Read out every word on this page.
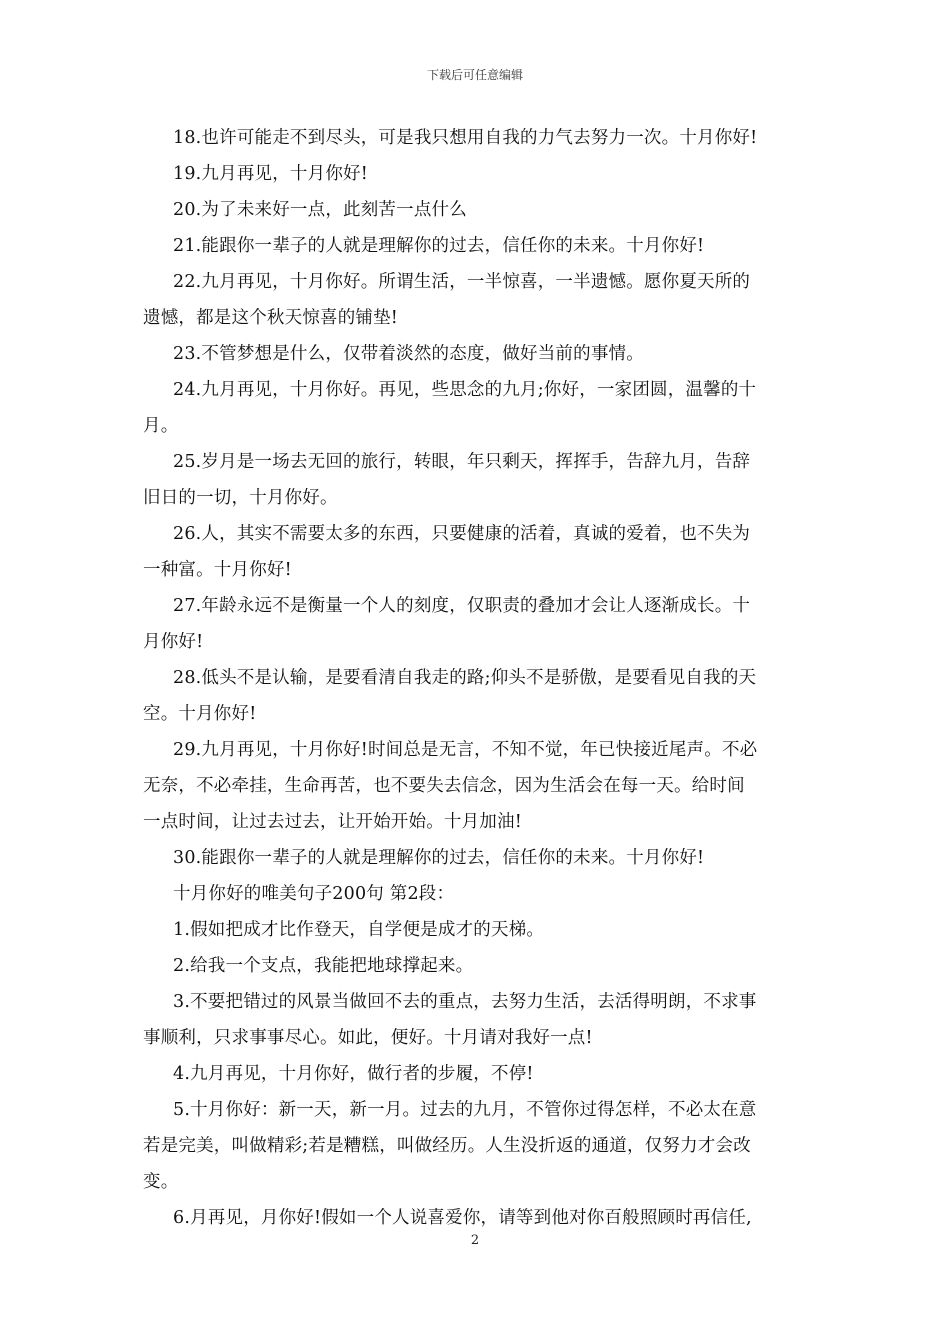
下载后可任意编辑
18.也许可能走不到尽头，可是我只想用自我的力气去努力一次。十月你好!
19.九月再见，十月你好!
20.为了未来好一点，此刻苦一点什么
21.能跟你一辈子的人就是理解你的过去，信任你的未来。十月你好!
22.九月再见，十月你好。所谓生活，一半惊喜，一半遗憾。愿你夏天所的
遗憾，都是这个秋天惊喜的铺垫!
23.不管梦想是什么，仅带着淡然的态度，做好当前的事情。
24.九月再见，十月你好。再见，些思念的九月;你好，一家团圆，温馨的十
月。
25.岁月是一场去无回的旅行，转眼，年只剩天，挥挥手，告辞九月，告辞
旧日的一切，十月你好。
26.人，其实不需要太多的东西，只要健康的活着，真诚的爱着，也不失为
一种富。十月你好!
27.年龄永远不是衡量一个人的刻度，仅职责的叠加才会让人逐渐成长。十
月你好!
28.低头不是认输，是要看清自我走的路;仰头不是骄傲，是要看见自我的天
空。十月你好!
29.九月再见，十月你好!时间总是无言，不知不觉，年已快接近尾声。不必
无奈，不必牵挂，生命再苦，也不要失去信念，因为生活会在每一天。给时间
一点时间，让过去过去，让开始开始。十月加油!
30.能跟你一辈子的人就是理解你的过去，信任你的未来。十月你好!
十月你好的唯美句子200句 第2段：
1.假如把成才比作登天，自学便是成才的天梯。
2.给我一个支点，我能把地球撑起来。
3.不要把错过的风景当做回不去的重点，去努力生活，去活得明朗，不求事
事顺利，只求事事尽心。如此，便好。十月请对我好一点!
4.九月再见，十月你好，做行者的步履，不停!
5.十月你好：新一天，新一月。过去的九月，不管你过得怎样，不必太在意
若是完美，叫做精彩;若是糟糕，叫做经历。人生没折返的通道，仅努力才会改
变。
6.月再见，月你好!假如一个人说喜爱你，请等到他对你百般照顾时再信任,
2
